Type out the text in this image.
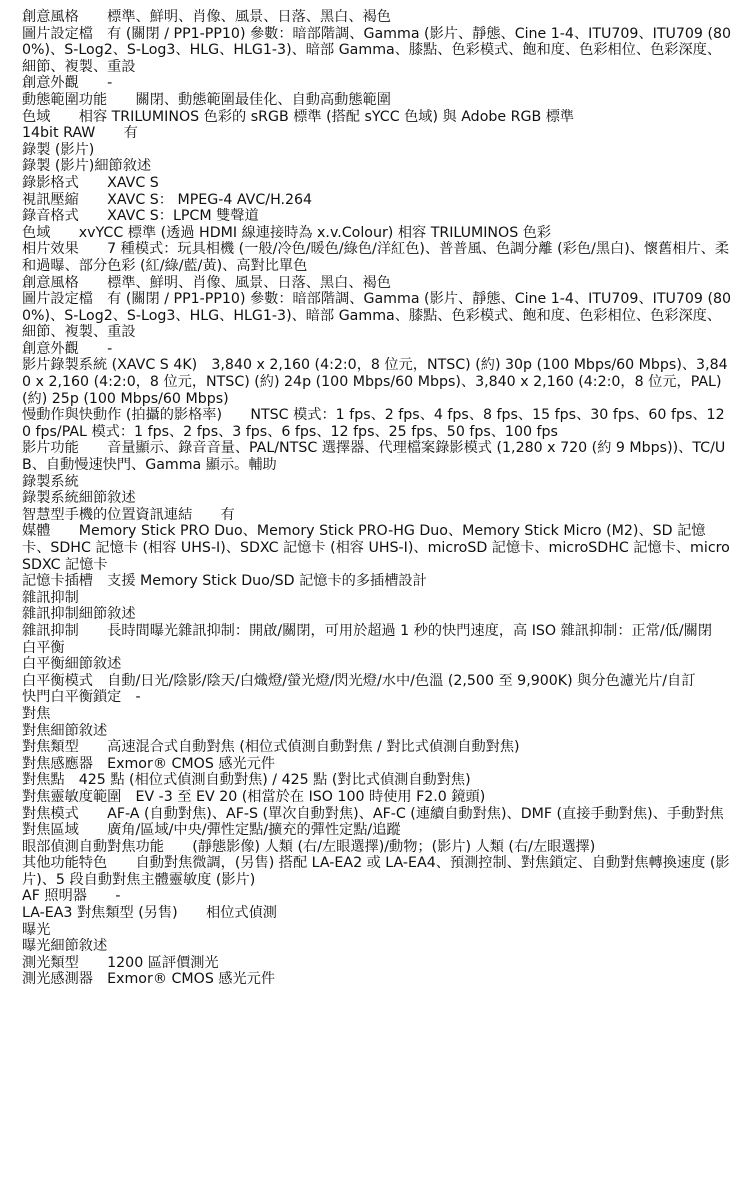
創意風格　　標準、鮮明、肖像、風景、日落、黑白、褐色

圖片設定檔　有 (關閉 / PP1-PP10) 參數：暗部階調、Gamma (影片、靜態、Cine 1-4、ITU709、ITU709 (800%)、S-Log2、S-Log3、HLG、HLG1-3)、暗部 Gamma、膝點、色彩模式、飽和度、色彩相位、色彩深度、細節、複製、重設

創意外觀　　-

動態範圍功能　　關閉、動態範圍最佳化、自動高動態範圍

色域　　相容 TRILUMINOS 色彩的 sRGB 標準 (搭配 sYCC 色域) 與 Adobe RGB 標準

14bit RAW　　有

錄製 (影片)

錄製 (影片)細節敘述

錄影格式　　XAVC S

視訊壓縮　　XAVC S： MPEG-4 AVC/H.264

錄音格式　　XAVC S：LPCM 雙聲道

色域　　xvYCC 標準 (透過 HDMI 線連接時為 x.v.Colour) 相容 TRILUMINOS 色彩

相片效果　　7 種模式：玩具相機 (一般/冷色/暖色/綠色/洋紅色)、普普風、色調分離 (彩色/黑白)、懷舊相片、柔和過曝、部分色彩 (紅/綠/藍/黃)、高對比單色

創意風格　　標準、鮮明、肖像、風景、日落、黑白、褐色

圖片設定檔　有 (關閉 / PP1-PP10) 參數：暗部階調、Gamma (影片、靜態、Cine 1-4、ITU709、ITU709 (800%)、S-Log2、S-Log3、HLG、HLG1-3)、暗部 Gamma、膝點、色彩模式、飽和度、色彩相位、色彩深度、細節、複製、重設

創意外觀　　-

影片錄製系統 (XAVC S 4K)　3,840 x 2,160 (4:2:0，8 位元，NTSC) (約) 30p (100 Mbps/60 Mbps)、3,840 x 2,160 (4:2:0，8 位元，NTSC) (約) 24p (100 Mbps/60 Mbps)、3,840 x 2,160 (4:2:0，8 位元，PAL) (約) 25p (100 Mbps/60 Mbps)

慢動作與快動作 (拍攝的影格率)　　NTSC 模式：1 fps、2 fps、4 fps、8 fps、15 fps、30 fps、60 fps、120 fps/PAL 模式：1 fps、2 fps、3 fps、6 fps、12 fps、25 fps、50 fps、100 fps

影片功能　　音量顯示、錄音音量、PAL/NTSC 選擇器、代理檔案錄影模式 (1,280 x 720 (約 9 Mbps))、TC/UB、自動慢速快門、Gamma 顯示。輔助

錄製系統

錄製系統細節敘述

智慧型手機的位置資訊連結　　有

媒體　　Memory Stick PRO Duo、Memory Stick PRO-HG Duo、Memory Stick Micro (M2)、SD 記憶卡、SDHC 記憶卡 (相容 UHS-I)、SDXC 記憶卡 (相容 UHS-I)、microSD 記憶卡、microSDHC 記憶卡、microSDXC 記憶卡

記憶卡插槽　支援 Memory Stick Duo/SD 記憶卡的多插槽設計

雜訊抑制

雜訊抑制細節敘述

雜訊抑制　　長時間曝光雜訊抑制：開啟/關閉，可用於超過 1 秒的快門速度，高 ISO 雜訊抑制：正常/低/關閉

白平衡

白平衡細節敘述

白平衡模式　自動/日光/陰影/陰天/白熾燈/螢光燈/閃光燈/水中/色溫 (2,500 至 9,900K) 與分色濾光片/自訂

快門白平衡鎖定　-

對焦

對焦細節敘述

對焦類型　　高速混合式自動對焦 (相位式偵測自動對焦 / 對比式偵測自動對焦)

對焦感應器　Exmor® CMOS 感光元件

對焦點　425 點 (相位式偵測自動對焦) / 425 點 (對比式偵測自動對焦)

對焦靈敏度範圍　EV -3 至 EV 20 (相當於在 ISO 100 時使用 F2.0 鏡頭)

對焦模式　　AF-A (自動對焦)、AF-S (單次自動對焦)、AF-C (連續自動對焦)、DMF (直接手動對焦)、手動對焦

對焦區域　　廣角/區域/中央/彈性定點/擴充的彈性定點/追蹤

眼部偵測自動對焦功能　　(靜態影像) 人類 (右/左眼選擇)/動物；(影片) 人類 (右/左眼選擇)

其他功能特色　　自動對焦微調，(另售) 搭配 LA-EA2 或 LA-EA4、預測控制、對焦鎖定、自動對焦轉換速度 (影片)、5 段自動對焦主體靈敏度 (影片)

AF 照明器　　-

LA-EA3 對焦類型 (另售)　　相位式偵測

曝光

曝光細節敘述

測光類型　　1200 區評價測光

測光感測器　Exmor® CMOS 感光元件
